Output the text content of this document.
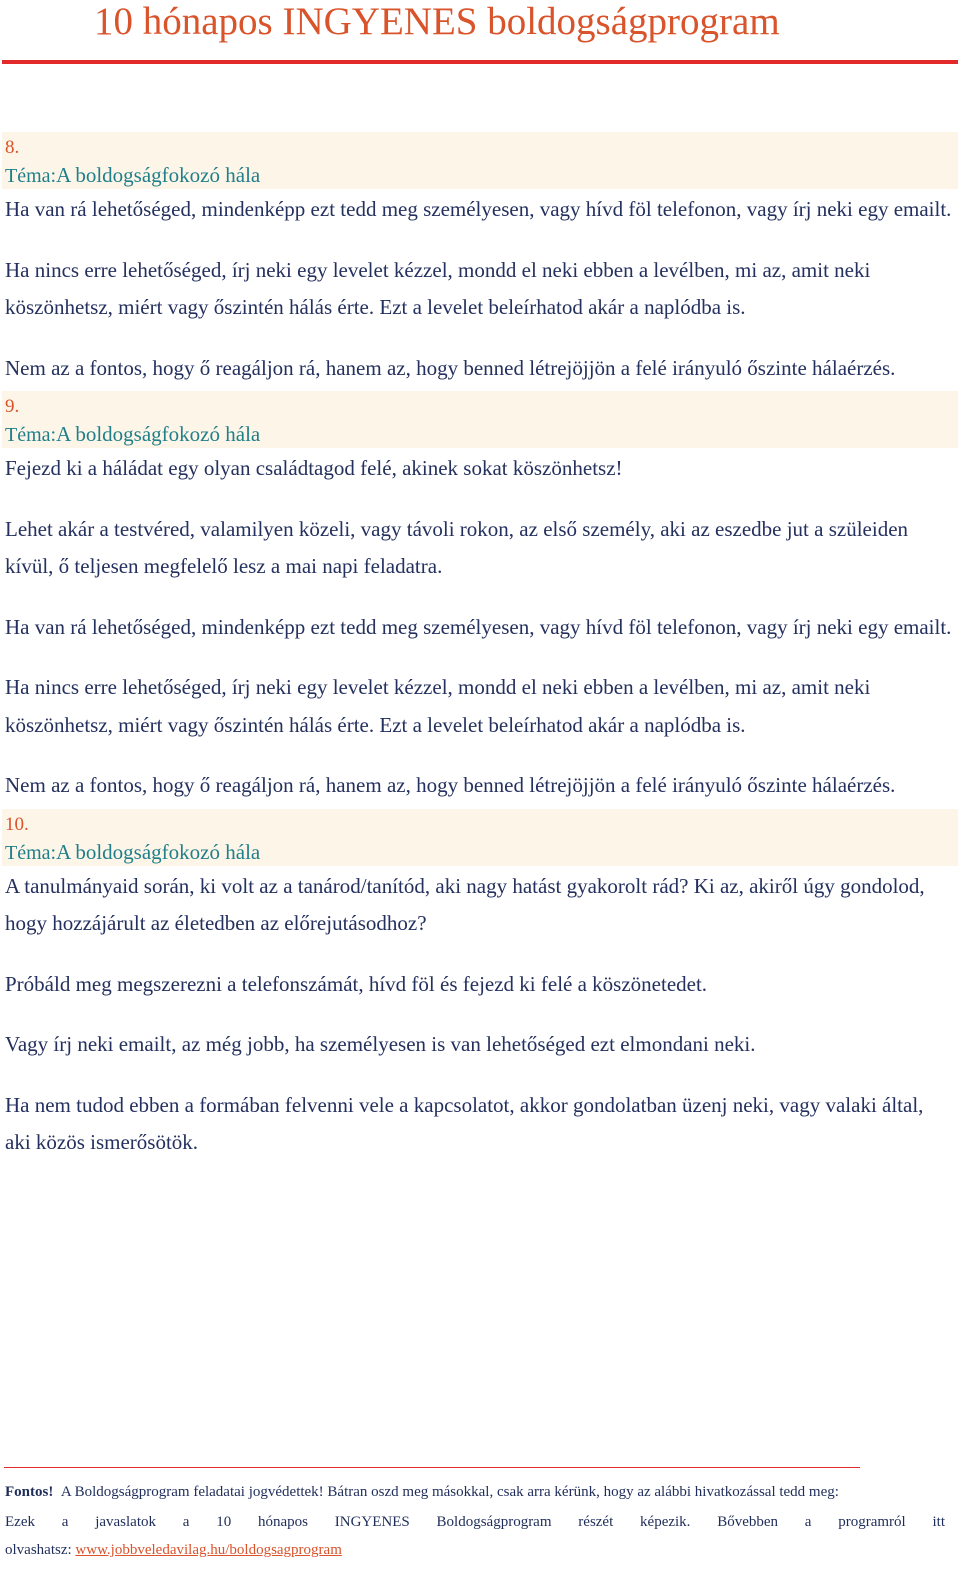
10 hónapos INGYENES boldogságprogram
8.
Téma:A boldogságfokozó hála

Ha van rá lehetőséged, mindenképp ezt tedd meg személyesen, vagy hívd föl telefonon, vagy írj neki egy emailt.

Ha nincs erre lehetőséged, írj neki egy levelet kézzel, mondd el neki ebben a levélben, mi az, amit neki köszönhetsz, miért vagy őszintén hálás érte. Ezt a levelet beleírhatod akár a naplódba is.

Nem az a fontos, hogy ő reagáljon rá, hanem az, hogy benned létrejöjjön a felé irányuló őszinte hálaérzés.

9.
Téma:A boldogságfokozó hála

Fejezd ki a háládat egy olyan családtagod felé, akinek sokat köszönhetsz!

Lehet akár a testvéred, valamilyen közeli, vagy távoli rokon, az első személy, aki az eszedbe jut a szüleiden kívül, ő teljesen megfelelő lesz a mai napi feladatra.

Ha van rá lehetőséged, mindenképp ezt tedd meg személyesen, vagy hívd föl telefonon, vagy írj neki egy emailt.

Ha nincs erre lehetőséged, írj neki egy levelet kézzel, mondd el neki ebben a levélben, mi az, amit neki köszönhetsz, miért vagy őszintén hálás érte. Ezt a levelet beleírhatod akár a naplódba is.

Nem az a fontos, hogy ő reagáljon rá, hanem az, hogy benned létrejöjjön a felé irányuló őszinte hálaérzés.

10.
Téma:A boldogságfokozó hála

A tanulmányaid során, ki volt az a tanárod/tanítód, aki nagy hatást gyakorolt rád? Ki az, akiről úgy gondolod, hogy hozzájárult az életedben az előrejutásodhoz?

Próbáld meg megszerezni a telefonszámát, hívd föl és fejezd ki felé a köszönetedet.

Vagy írj neki emailt, az még jobb, ha személyesen is van lehetőséged ezt elmondani neki.

Ha nem tudod ebben a formában felvenni vele a kapcsolatot, akkor gondolatban üzenj neki, vagy valaki által, aki közös ismerősötök.

Fontos! A Boldogságprogram feladatai jogvédettek! Bátran oszd meg másokkal, csak arra kérünk, hogy az alábbi hivatkozással tedd meg:
Ezek a javaslatok a 10 hónapos INGYENES Boldogságprogram részét képezik. Bővebben a programról itt
olvashatsz: www.jobbveledavilag.hu/boldogsagprogram
